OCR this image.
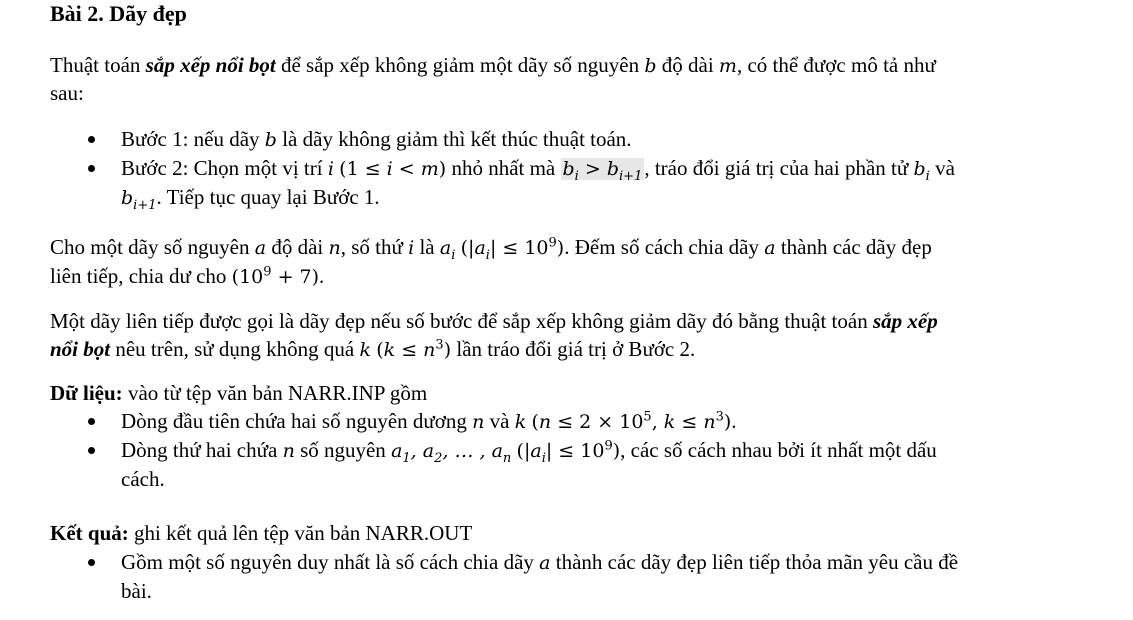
Bài 2. Dãy đẹp
Thuật toán sắp xếp nổi bọt để sắp xếp không giảm một dãy số nguyên b độ dài m, có thể được mô tả như
sau:
Bước 1: nếu dãy b là dãy không giảm thì kết thúc thuật toán.
Bước 2: Chọn một vị trí i (1 ≤ i < m) nhỏ nhất mà $b_i > b_{i+1}$, tráo đổi giá trị của hai phần tử $b_i$ và
$b_{i+1}$. Tiếp tục quay lại Bước 1.
Cho một dãy số nguyên a độ dài n, số thứ i là $a_i$ $(|a_i| \le 10^9)$. Đếm số cách chia dãy a thành các dãy đẹp
liên tiếp, chia dư cho $(10^9 + 7)$.
Một dãy liên tiếp được gọi là dãy đẹp nếu số bước để sắp xếp không giảm dãy đó bằng thuật toán sắp xếp
nổi bọt nêu trên, sử dụng không quá k $(k \le n^3)$ lần tráo đổi giá trị ở Bước 2.
Dữ liệu: vào từ tệp văn bản NARR.INP gồm
Dòng đầu tiên chứa hai số nguyên dương n và k ($n \le 2 \times 10^5$, $k \le n^3$).
Dòng thứ hai chứa n số nguyên $a_1$, $a_2$, … , $a_n$ $(|a_i| \le 10^9)$, các số cách nhau bởi ít nhất một dấu
cách.
Kết quả: ghi kết quả lên tệp văn bản NARR.OUT
Gồm một số nguyên duy nhất là số cách chia dãy a thành các dãy đẹp liên tiếp thỏa mãn yêu cầu đề
bài.
